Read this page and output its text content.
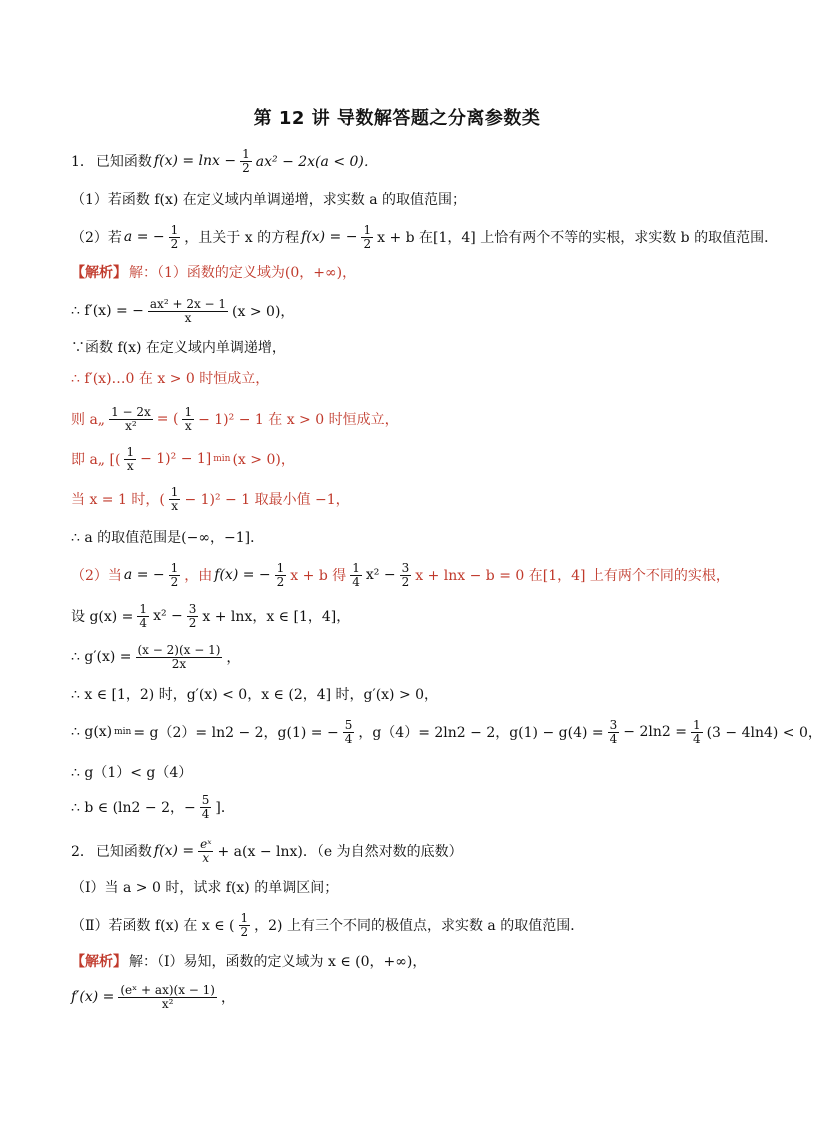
第 12 讲 导数解答题之分离参数类
1． 已知函数 $f(x) = \ln x - \frac{1}{2} ax^2 - 2x(a < 0)$．
（1）若函数 f(x) 在定义域内单调递增，求实数 a 的取值范围；
（2）若 a = − $\frac{1}{2}$ ，且关于 x 的方程 f(x) = − $\frac{1}{2}$ x + b 在[1，4] 上恰有两个不等的实根，求实数 b 的取值范围．
【解析】 解：（1）函数的定义域为(0，+∞)，
∴ f′(x) = − $\frac{\text{ax² + 2x − 1}}{x} (x > 0)$，
∵函数 f(x) 在定义域内单调递增，
∴ f′(x)…0 在 x > 0 时恒成立，
则 a„ $\frac{1 - 2x}{\text{x²}}$ = ( $\frac{1}{x} - 1)^2 - 1$ 在 x > 0 时恒成立，
即 a„ [( $\frac{1}{x} - 1)^2 - 1$] min (x > 0)，
当 x = 1 时，( $\frac{1}{x} - 1)^2 - 1$ 取最小值 −1，
∴ a 的取值范围是(−∞，−1]．
（2）当 a = − $\frac{1}{2}$ ，由 f(x) = − $\frac{1}{2}$ x + b 得 $\frac{1}{4} x^2 - \frac{3}{2}$ x + lnx − b = 0 在[1，4] 上有两个不同的实根，
设 $g(x) = \frac{1}{4} x^2 - \frac{3}{2}$ x + lnx，x ∈ [1，4]，
∴ $g'(x) = \frac{(x - 2)(x - 1)}{2x}$ ，
∴ x ∈ [1，2) 时，g′(x) < 0，x ∈ (2，4] 时，g′(x) > 0，
∴ g(x) min = g（2）= ln2 − 2，g(1) = − $\frac{5}{4}$ ，g（4）= 2ln2 − 2，$g(1) - g(4) = \frac{3}{4} - 2\ln 2 = \frac{1}{4} (3 - 4\ln 4) < 0$，
∴ g（1）< g（4）
∴ b ∈ (ln2 − 2，− $\frac{5}{4}$ ]．
2． 已知函数 $f(x) = \frac{\text{eˣ}}{x} + a(x - \ln x)$．（e 为自然对数的底数）
（Ⅰ）当 a > 0 时，试求 f(x) 的单调区间；
（Ⅱ）若函数 f(x) 在 x ∈ ( $\frac{1}{2}$ ，2) 上有三个不同的极值点，求实数 a 的取值范围．
【解析】 解：（Ⅰ）易知，函数的定义域为 x ∈ (0，+∞)，
$f'(x) = \frac{\text{(eˣ + ax)(x − 1)}}{\text{x²}}$ ，
